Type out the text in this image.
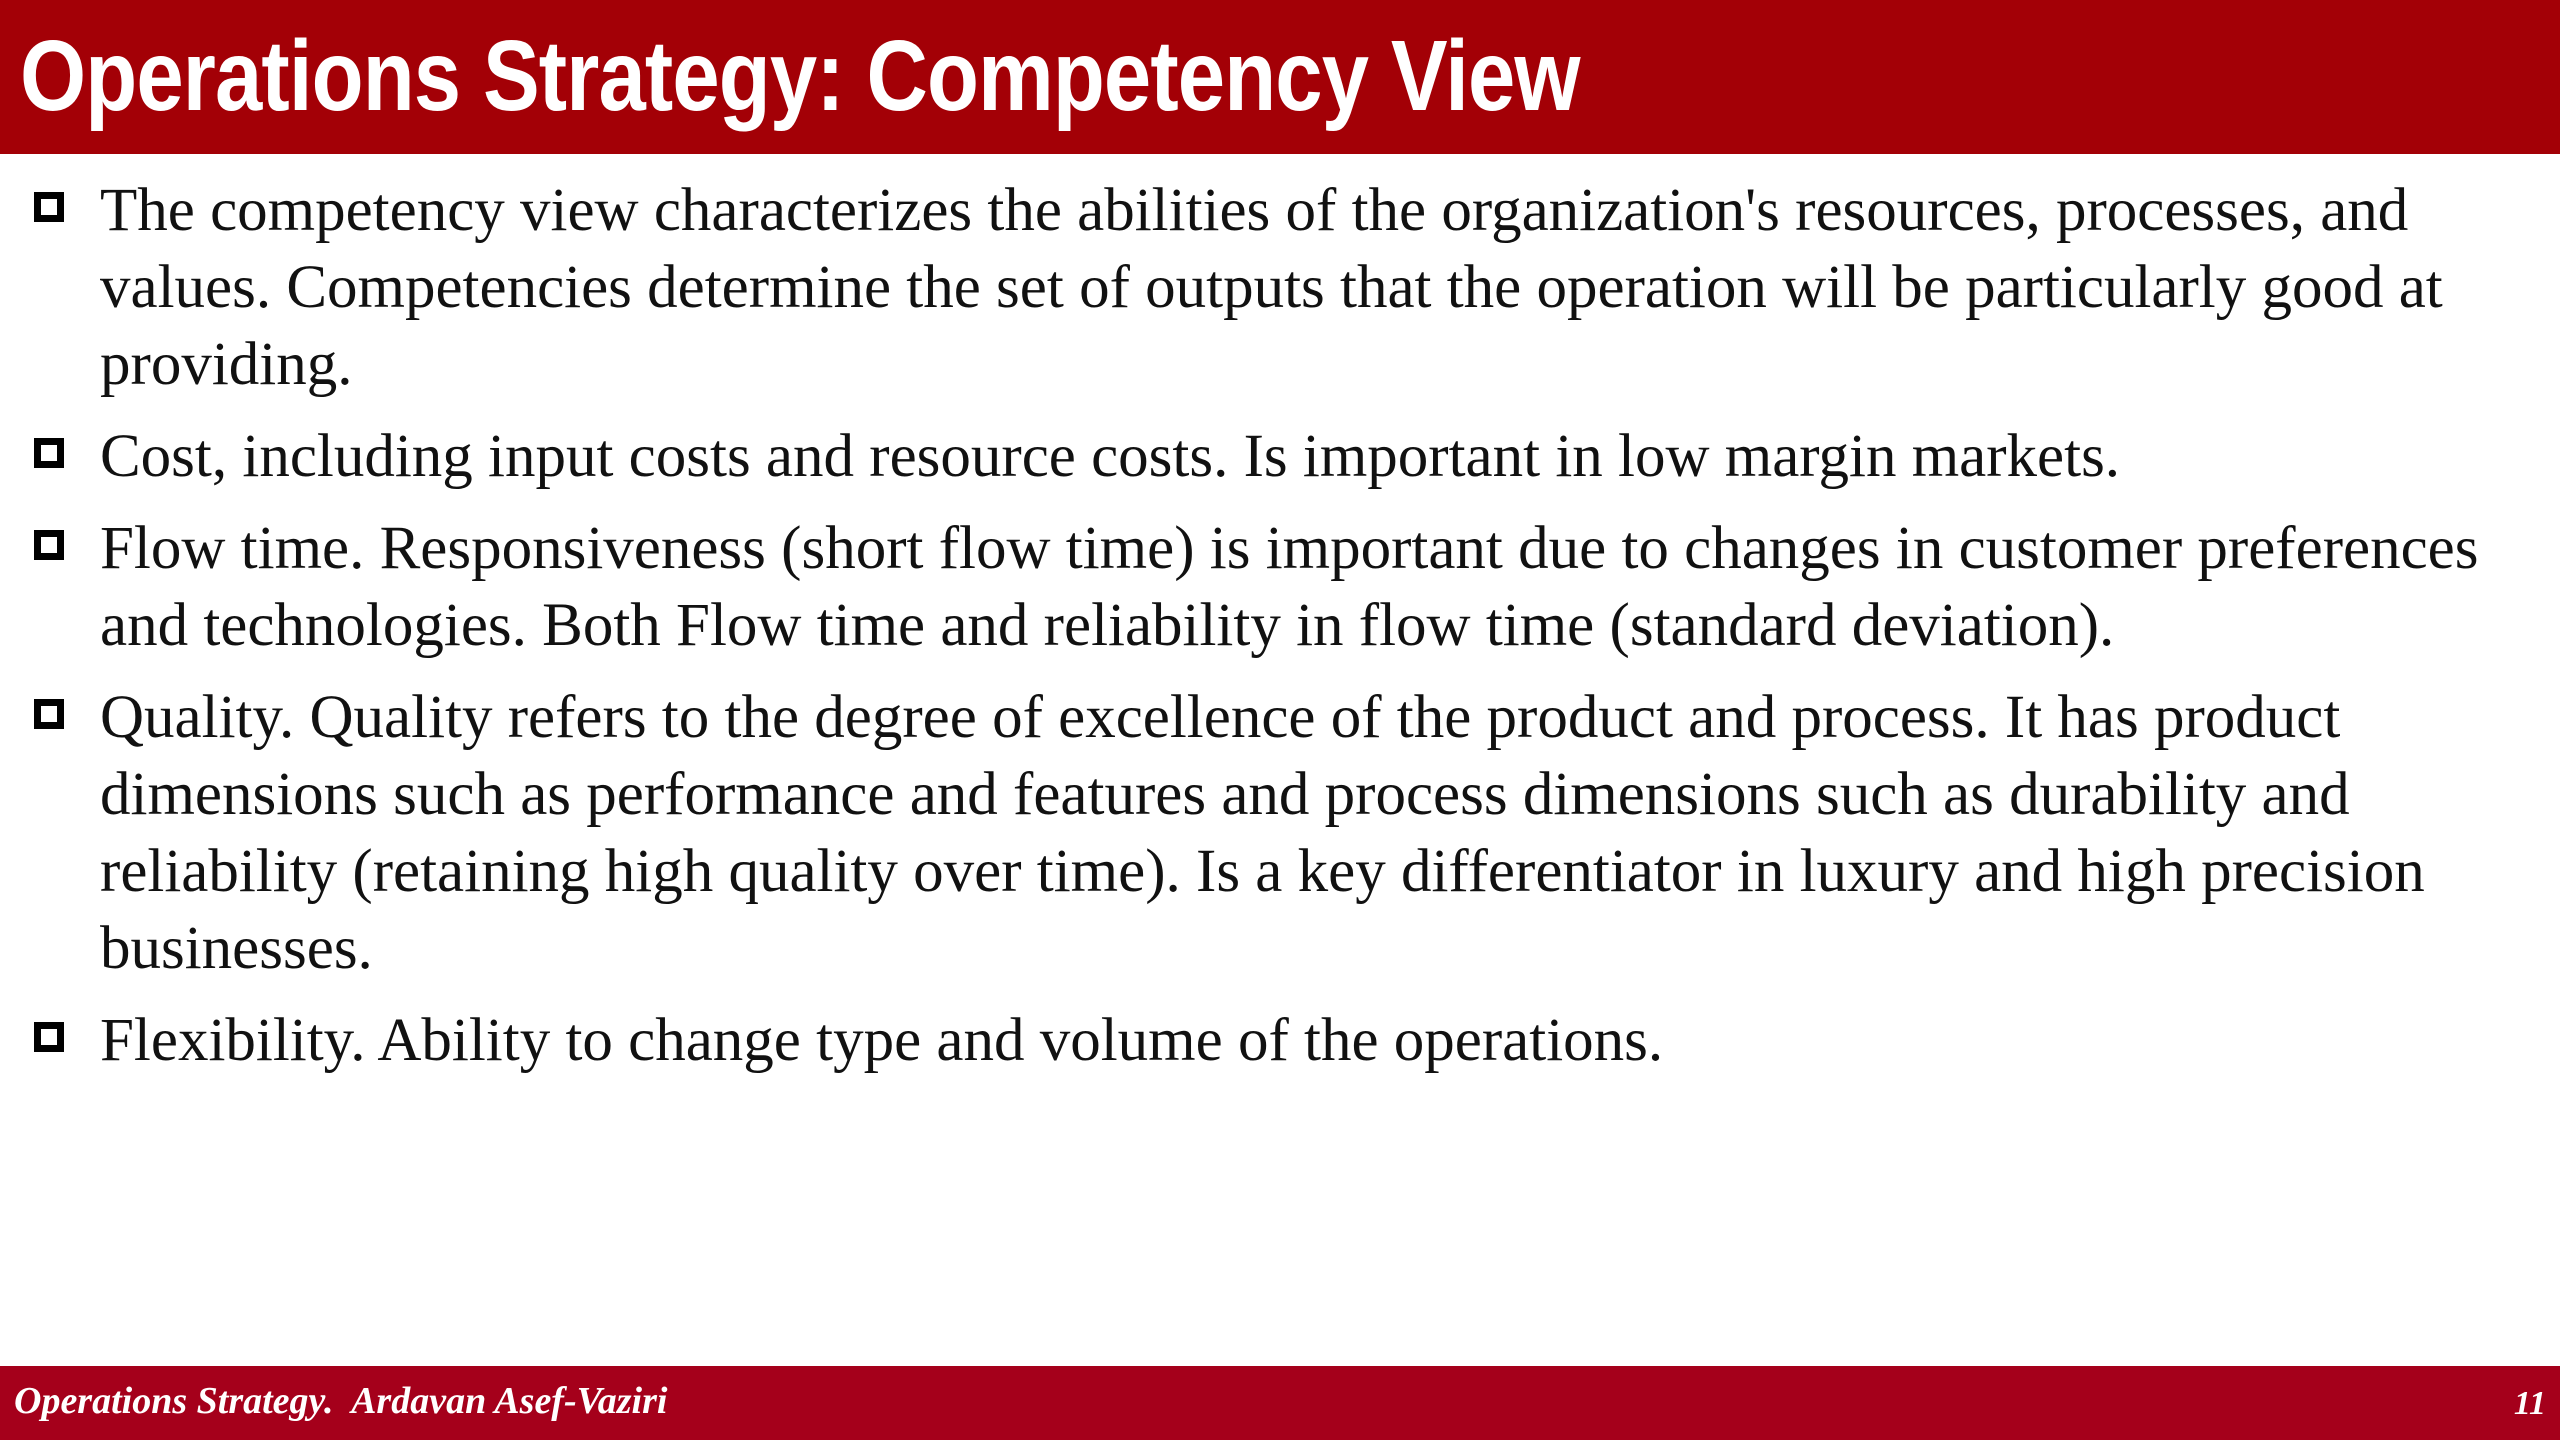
Operations Strategy: Competency View
The competency view characterizes the abilities of the organization's resources, processes, and values. Competencies determine the set of outputs that the operation will be particularly good at providing.
Cost, including input costs and resource costs. Is important in low margin markets.
Flow time. Responsiveness (short flow time) is important due to changes in customer preferences and technologies. Both Flow time and reliability in flow time (standard deviation).
Quality. Quality refers to the degree of excellence of the product and process. It has product dimensions such as performance and features and process dimensions such as durability and reliability (retaining high quality over time). Is a key differentiator in luxury and high precision businesses.
Flexibility. Ability to change type and volume of the operations.
Operations Strategy.  Ardavan Asef-Vaziri	11
